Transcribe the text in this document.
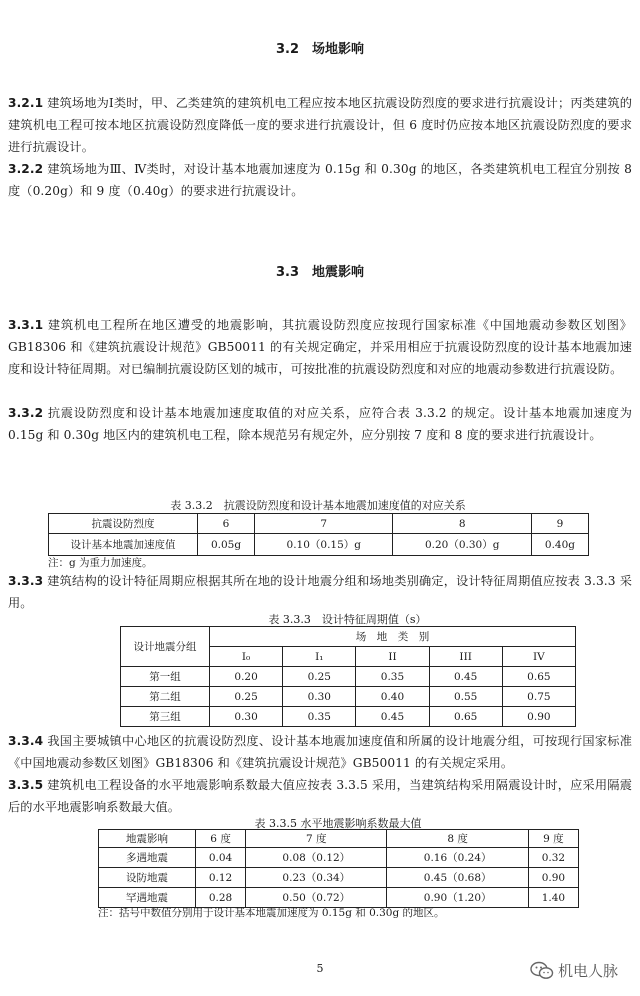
3.2　场地影响
3.2.1 建筑场地为Ⅰ类时，甲、乙类建筑的建筑机电工程应按本地区抗震设防烈度的要求进行抗震设计；丙类建筑的建筑机电工程可按本地区抗震设防烈度降低一度的要求进行抗震设计，但 6 度时仍应按本地区抗震设防烈度的要求进行抗震设计。
3.2.2 建筑场地为Ⅲ、Ⅳ类时，对设计基本地震加速度为 0.15g 和 0.30g 的地区，各类建筑机电工程宜分别按 8 度（0.20g）和 9 度（0.40g）的要求进行抗震设计。
3.3　地震影响
3.3.1 建筑机电工程所在地区遭受的地震影响，其抗震设防烈度应按现行国家标准《中国地震动参数区划图》GB18306 和《建筑抗震设计规范》GB50011 的有关规定确定，并采用相应于抗震设防烈度的设计基本地震加速度和设计特征周期。对已编制抗震设防区划的城市，可按批准的抗震设防烈度和对应的地震动参数进行抗震设防。
3.3.2 抗震设防烈度和设计基本地震加速度取值的对应关系，应符合表 3.3.2 的规定。设计基本地震加速度为 0.15g 和 0.30g 地区内的建筑机电工程，除本规范另有规定外，应分别按 7 度和 8 度的要求进行抗震设计。
表 3.3.2　抗震设防烈度和设计基本地震加速度值的对应关系
抗震设防烈度	6	7	8	9
设计基本地震加速度值	0.05g	0.10（0.15）g	0.20（0.30）g	0.40g
注：g 为重力加速度。
3.3.3 建筑结构的设计特征周期应根据其所在地的设计地震分组和场地类别确定，设计特征周期值应按表 3.3.3 采用。
表 3.3.3　设计特征周期值（s）
设计地震分组	场　地　类　别				
	I₀	I₁	II	III	IV
第一组	0.20	0.25	0.35	0.45	0.65
第二组	0.25	0.30	0.40	0.55	0.75
第三组	0.30	0.35	0.45	0.65	0.90
3.3.4 我国主要城镇中心地区的抗震设防烈度、设计基本地震加速度值和所属的设计地震分组，可按现行国家标准《中国地震动参数区划图》GB18306 和《建筑抗震设计规范》GB50011 的有关规定采用。
3.3.5 建筑机电工程设备的水平地震影响系数最大值应按表 3.3.5 采用，当建筑结构采用隔震设计时，应采用隔震后的水平地震影响系数最大值。
表 3.3.5 水平地震影响系数最大值
地震影响	6 度	7 度	8 度	9 度
多遇地震	0.04	0.08（0.12）	0.16（0.24）	0.32
设防地震	0.12	0.23（0.34）	0.45（0.68）	0.90
罕遇地震	0.28	0.50（0.72）	0.90（1.20）	1.40
注：括号中数值分别用于设计基本地震加速度为 0.15g 和 0.30g 的地区。
5	机电人脉
